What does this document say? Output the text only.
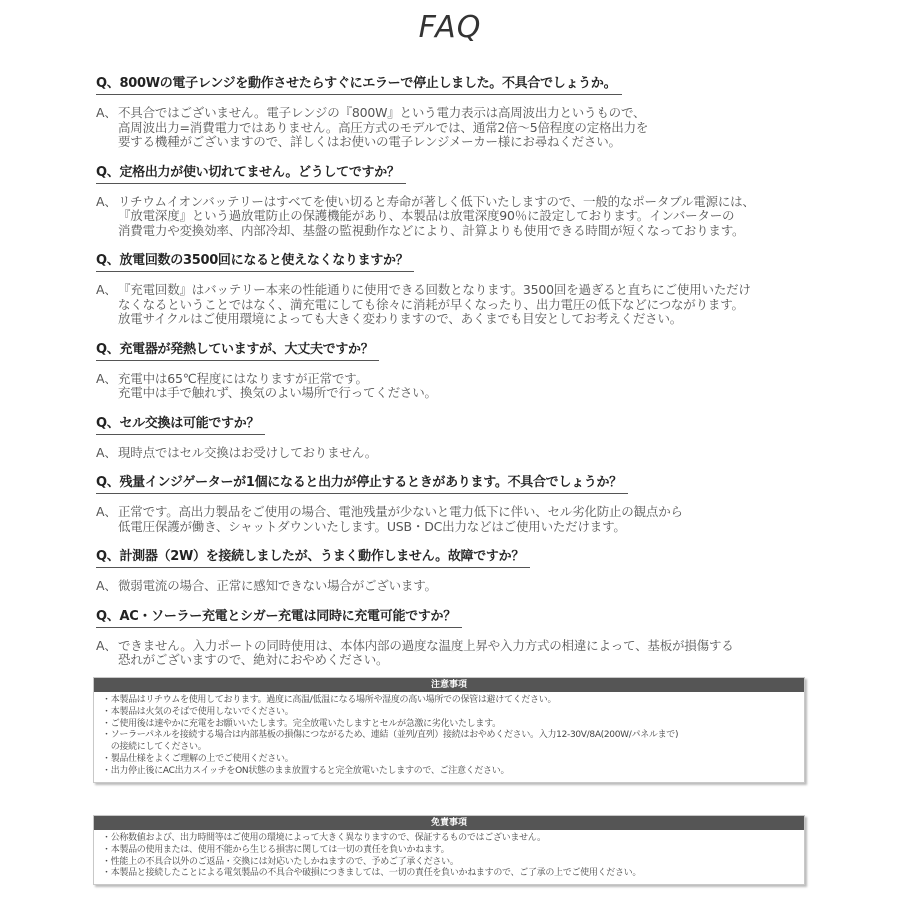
FAQ
Q、800Wの電子レンジを動作させたらすぐにエラーで停止しました。不具合でしょうか。
A、 不具合ではございません。電子レンジの『800W』という電力表示は高周波出力というもので、
高周波出力=消費電力ではありません。高圧方式のモデルでは、通常2倍〜5倍程度の定格出力を
要する機種がございますので、詳しくはお使いの電子レンジメーカー様にお尋ねください。
Q、定格出力が使い切れてません。どうしてですか？
A、 リチウムイオンバッテリーはすべてを使い切ると寿命が著しく低下いたしますので、一般的なポータブル電源には、
『放電深度』という過放電防止の保護機能があり、本製品は放電深度90％に設定しております。インバーターの
消費電力や変換効率、内部冷却、基盤の監視動作などにより、計算よりも使用できる時間が短くなっております。
Q、放電回数の3500回になると使えなくなりますか？
A、 『充電回数』はバッテリー本来の性能通りに使用できる回数となります。3500回を過ぎると直ちにご使用いただけ
なくなるということではなく、満充電にしても徐々に消耗が早くなったり、出力電圧の低下などにつながります。
放電サイクルはご使用環境によっても大きく変わりますので、あくまでも目安としてお考えください。
Q、充電器が発熱していますが、大丈夫ですか？
A、 充電中は65℃程度にはなりますが正常です。
充電中は手で触れず、換気のよい場所で行ってください。
Q、セル交換は可能ですか？
A、 現時点ではセル交換はお受けしておりません。
Q、残量インジゲーターが1個になると出力が停止するときがあります。不具合でしょうか？
A、 正常です。高出力製品をご使用の場合、電池残量が少ないと電力低下に伴い、セル劣化防止の観点から
低電圧保護が働き、シャットダウンいたします。USB・DC出力などはご使用いただけます。
Q、計測器（2W）を接続しましたが、うまく動作しません。故障ですか？
A、 微弱電流の場合、正常に感知できない場合がございます。
Q、AC・ソーラー充電とシガー充電は同時に充電可能ですか？
A、 できません。入力ポートの同時使用は、本体内部の過度な温度上昇や入力方式の相違によって、基板が損傷する
恐れがございますので、絶対におやめください。
注意事項
・本製品はリチウムを使用しております。過度に高温/低温になる場所や湿度の高い場所での保管は避けてください。
・本製品は火気のそばで使用しないでください。
・ご使用後は速やかに充電をお願いいたします。完全放電いたしますとセルが急激に劣化いたします。
・ソーラーパネルを接続する場合は内部基板の損傷につながるため、連結（並列/直列）接続はおやめください。入力12-30V/8A(200W/パネルまで)
　の接続にしてください。
・製品仕様をよくご理解の上でご使用ください。
・出力停止後にAC出力スイッチをON状態のまま放置すると完全放電いたしますので、ご注意ください。
免責事項
・公称数値および、出力時間等はご使用の環境によって大きく異なりますので、保証するものではございません。
・本製品の使用または、使用不能から生じる損害に関しては一切の責任を負いかねます。
・性能上の不具合以外のご返品・交換には対応いたしかねますので、予めご了承ください。
・本製品と接続したことによる電気製品の不具合や破損につきましては、一切の責任を負いかねますので、ご了承の上でご使用ください。
